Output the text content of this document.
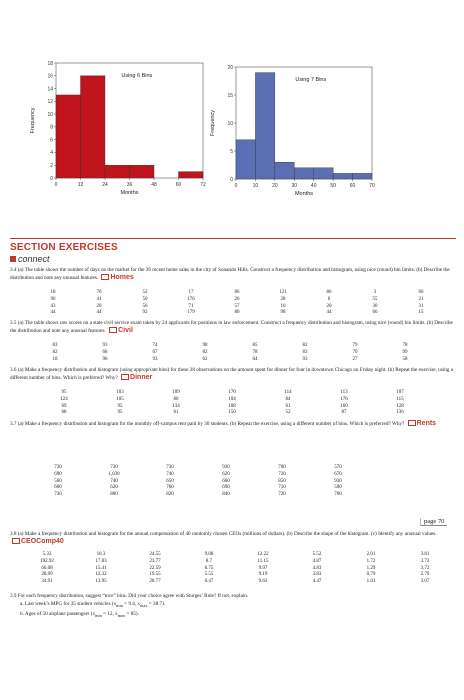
0
2
4
6
8
10
12
14
16
18
0	12	24	36	48	60	72
Using 6 Bins
Months
Frequency
0
5
10
15
20
0	10	20	30	40	50	60	70
Using 7 Bins
Months
Frequency
SECTION EXERCISES
connect
3.4 (a) The table shows the number of days on the market for the 36 recent home sales in the city of Sonando Hills. Construct a frequency distribution and histogram, using nice (round) bin limits. (b) Describe the distribution and note any unusual features. Homes
18	70	52	17	86	121	86	3	66
96	41	50	176	26	28	6	55	21
43	20	56	71	57	16	20	30	31
44	44	92	179	80	98	44	66	15
3.5 (a) The table shows raw scores on a state civil service exam taken by 24 applicants for positions in law enforcement. Construct a frequency distribution and histogram, using nice (round) bin limits. (b) Describe the distribution and note any unusual features. Civil
83	93	74	98	85	82	79	78
82	68	67	82	78	83	70	99
18	96	93	62	64	93	27	58
3.6 (a) Make a frequency distribution and histogram (using appropriate bins) for these 28 observations on the amount spent for dinner for four in downtown Chicago on Friday night. (b) Repeat the exercise, using a different number of bins. Which is preferred? Why? Dinner
95	103	109	170	114	113	107
124	105	80	104	84	176	115
69	95	134	108	61	160	128
68	95	61	150	52	87	136
3.7 (a) Make a frequency distribution and histogram for the monthly off-campus rent paid by 30 students. (b) Repeat the exercise, using a different number of bins. Which is preferred? Why? Rents
730	730	730	930	700	570
690	1,030	740	620	720	670
560	740	650	660	850	930
600	620	760	690	710	500
730	800	820	840	720	700
page 70
3.8 (a) Make a frequency distribution and histogram for the annual compensation of 40 randomly chosen CEOs (millions of dollars). (b) Describe the shape of the histogram. (c) Identify any unusual values. CEOComp40
5.33	18.3	24.55	9.08	12.22	5.52	2.01	3.81
192.92	17.83	23.77	8.7	11.15	4.87	1.72	3.72
66.08	15.41	22.59	6.75	9.97	4.83	1.29	3.72
28.09	12.32	19.55	5.55	9.19	3.83	0.79	2.79
34.91	13.95	20.77	6.47	9.63	4.47	1.01	3.07
3.9 For each frequency distribution, suggest “nice” bins. Did your choice agree with Sturges’ Rule? If not, explain.
a. Last week’s MPG for 35 student vehicles ($x_{min} = 9.4$, $x_{max} = 38.7$).
b. Ages of 50 airplane passengers ($x_{min} = 12$, $x_{max} = 85$).
